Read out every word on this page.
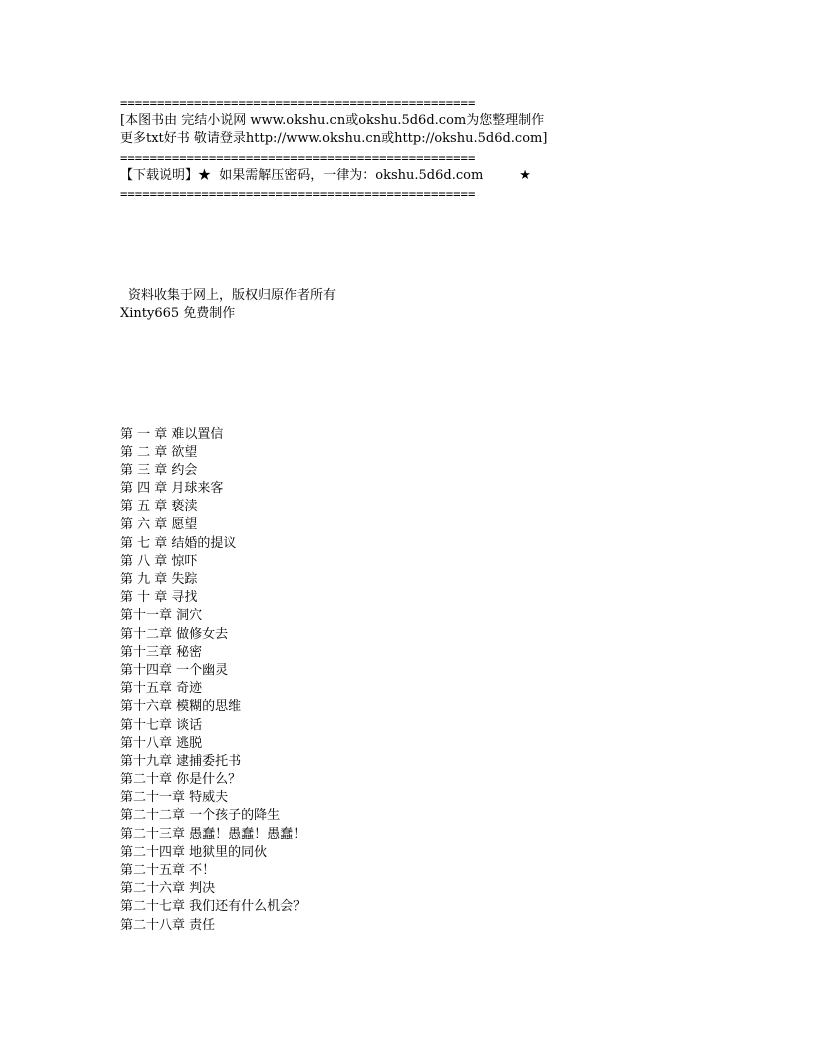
================================================
[本图书由 完结小说网 www.okshu.cn或okshu.5d6d.com为您整理制作
更多txt好书 敬请登录http://www.okshu.cn或http://okshu.5d6d.com]
================================================
【下载说明】★  如果需解压密码，一律为：okshu.5d6d.com	★
================================================
资料收集于网上，版权归原作者所有
Xinty665 免费制作
第 一 章 难以置信
第 二 章 欲望
第 三 章 约会
第 四 章 月球来客
第 五 章 亵渎
第 六 章 愿望
第 七 章 结婚的提议
第 八 章 惊吓
第 九 章 失踪
第 十 章 寻找
第十一章 洞穴
第十二章 做修女去
第十三章 秘密
第十四章 一个幽灵
第十五章 奇迹
第十六章 模糊的思维
第十七章 谈话
第十八章 逃脱
第十九章 逮捕委托书
第二十章 你是什么？
第二十一章 特威夫
第二十二章 一个孩子的降生
第二十三章 愚蠢！愚蠢！愚蠢！
第二十四章 地狱里的同伙
第二十五章 不！
第二十六章 判决
第二十七章 我们还有什么机会？
第二十八章 责任
